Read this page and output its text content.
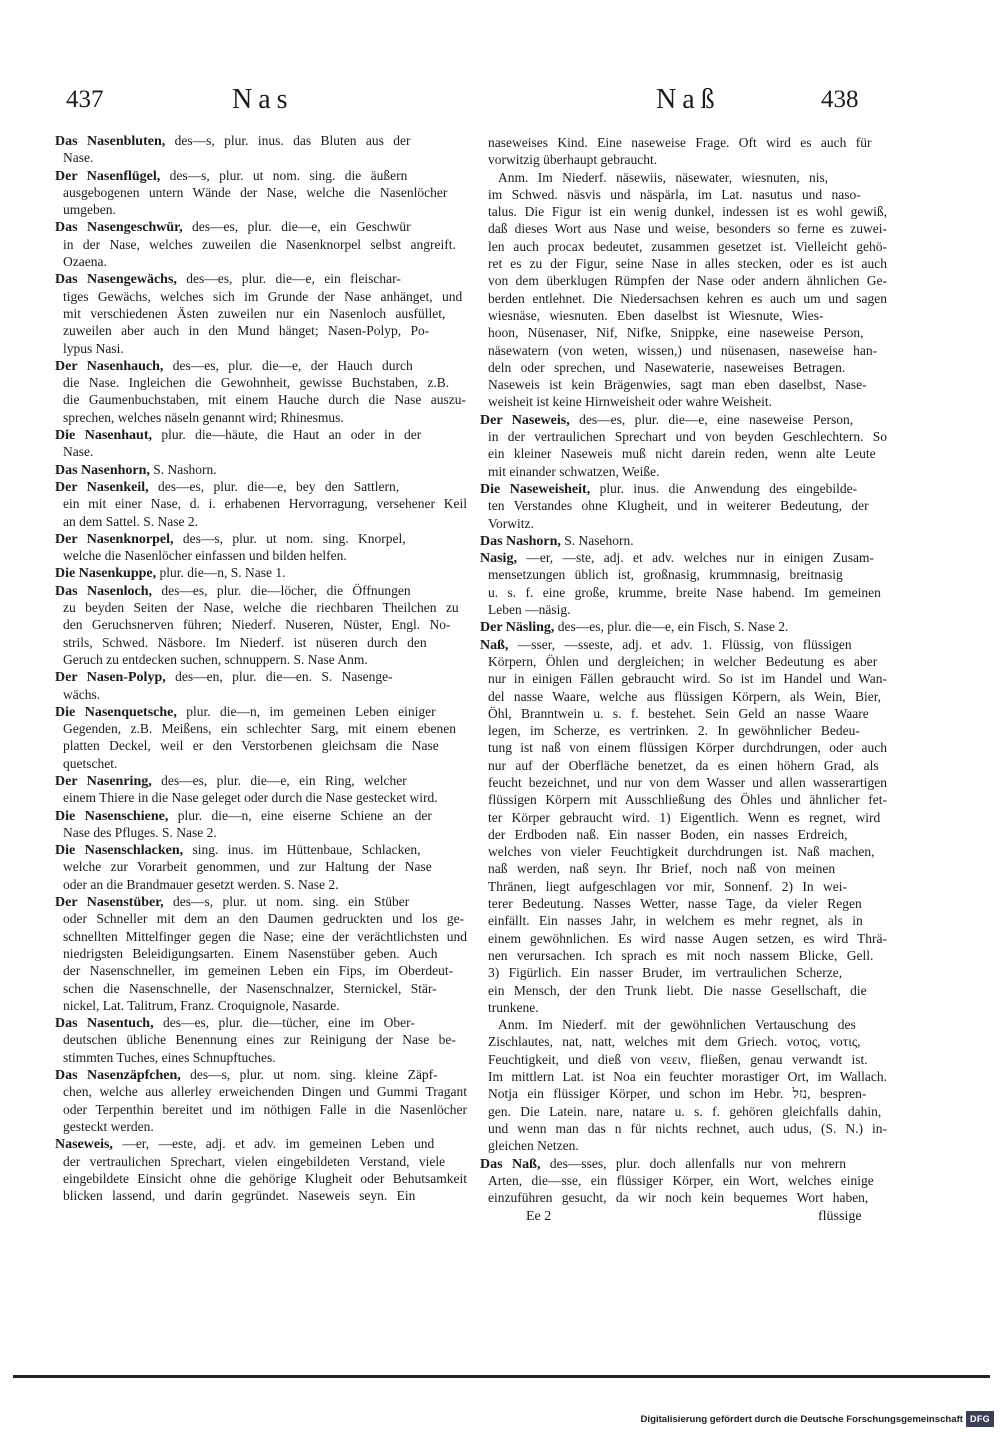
437	Nas	Naß	438
Das Nasenbluten, des—s, plur. inus. das Bluten aus der
Nase.
Der Nasenflügel, des—s, plur. ut nom. sing. die äußern
ausgebogenen untern Wände der Nase, welche die Nasenlöcher
umgeben.
Das Nasengeschwür, des—es, plur. die—e, ein Geschwür
in der Nase, welches zuweilen die Nasenknorpel selbst angreift.
Ozaena.
Das Nasengewächs, des—es, plur. die—e, ein fleischar-
tiges Gewächs, welches sich im Grunde der Nase anhänget, und
mit verschiedenen Ästen zuweilen nur ein Nasenloch ausfüllet,
zuweilen aber auch in den Mund hänget; Nasen-Polyp, Po-
lypus Nasi.
Der Nasenhauch, des—es, plur. die—e, der Hauch durch
die Nase. Ingleichen die Gewohnheit, gewisse Buchstaben, z.B.
die Gaumenbuchstaben, mit einem Hauche durch die Nase auszu-
sprechen, welches näseln genannt wird; Rhinesmus.
Die Nasenhaut, plur. die—häute, die Haut an oder in der
Nase.
Das Nasenhorn, S. Nashorn.
Der Nasenkeil, des—es, plur. die—e, bey den Sattlern,
ein mit einer Nase, d. i. erhabenen Hervorragung, versehener Keil
an dem Sattel. S. Nase 2.
Der Nasenknorpel, des—s, plur. ut nom. sing. Knorpel,
welche die Nasenlöcher einfassen und bilden helfen.
Die Nasenkuppe, plur. die—n, S. Nase 1.
Das Nasenloch, des—es, plur. die—löcher, die Öffnungen
zu beyden Seiten der Nase, welche die riechbaren Theilchen zu
den Geruchsnerven führen; Niederf. Nuseren, Nüster, Engl. No-
strils, Schwed. Näsbore. Im Niederf. ist nüseren durch den
Geruch zu entdecken suchen, schnuppern. S. Nase Anm.
Der Nasen-Polyp, des—en, plur. die—en. S. Nasenge-
wächs.
Die Nasenquetsche, plur. die—n, im gemeinen Leben einiger
Gegenden, z.B. Meißens, ein schlechter Sarg, mit einem ebenen
platten Deckel, weil er den Verstorbenen gleichsam die Nase
quetschet.
Der Nasenring, des—es, plur. die—e, ein Ring, welcher
einem Thiere in die Nase geleget oder durch die Nase gestecket wird.
Die Nasenschiene, plur. die—n, eine eiserne Schiene an der
Nase des Pfluges. S. Nase 2.
Die Nasenschlacken, sing. inus. im Hüttenbaue, Schlacken,
welche zur Vorarbeit genommen, und zur Haltung der Nase
oder an die Brandmauer gesetzt werden. S. Nase 2.
Der Nasenstüber, des—s, plur. ut nom. sing. ein Stüber
oder Schneller mit dem an den Daumen gedruckten und los ge-
schnellten Mittelfinger gegen die Nase; eine der verächtlichsten und
niedrigsten Beleidigungsarten. Einem Nasenstüber geben. Auch
der Nasenschneller, im gemeinen Leben ein Fips, im Oberdeut-
schen die Nasenschnelle, der Nasenschnalzer, Sternickel, Stär-
nickel, Lat. Talitrum, Franz. Croquignole, Nasarde.
Das Nasentuch, des—es, plur. die—tücher, eine im Ober-
deutschen übliche Benennung eines zur Reinigung der Nase be-
stimmten Tuches, eines Schnupftuches.
Das Nasenzäpfchen, des—s, plur. ut nom. sing. kleine Zäpf-
chen, welche aus allerley erweichenden Dingen und Gummi Tragant
oder Terpenthin bereitet und im nöthigen Falle in die Nasenlöcher
gesteckt werden.
Naseweis, —er, —este, adj. et adv. im gemeinen Leben und
der vertraulichen Sprechart, vielen eingebildeten Verstand, viele
eingebildete Einsicht ohne die gehörige Klugheit oder Behutsamkeit
blicken lassend, und darin gegründet. Naseweis seyn. Ein
naseweises Kind. Eine naseweise Frage. Oft wird es auch für
vorwitzig überhaupt gebraucht.
Anm. Im Niederf. näsewiis, näsewater, wiesnuten, nis,
im Schwed. näsvis und näspärla, im Lat. nasutus und naso-
talus. Die Figur ist ein wenig dunkel, indessen ist es wohl gewiß,
daß dieses Wort aus Nase und weise, besonders so ferne es zuwei-
len auch procax bedeutet, zusammen gesetzet ist. Vielleicht gehö-
ret es zu der Figur, seine Nase in alles stecken, oder es ist auch
von dem überklugen Rümpfen der Nase oder andern ähnlichen Ge-
berden entlehnet. Die Niedersachsen kehren es auch um und sagen
wiesnäse, wiesnuten. Eben daselbst ist Wiesnute, Wies-
hoon, Nüsenaser, Nif, Nifke, Snippke, eine naseweise Person,
näsewatern (von weten, wissen,) und nüsenasen, naseweise han-
deln oder sprechen, und Nasewaterie, naseweises Betragen.
Naseweis ist kein Brägenwies, sagt man eben daselbst, Nase-
weisheit ist keine Hirnweisheit oder wahre Weisheit.
Der Naseweis, des—es, plur. die—e, eine naseweise Person,
in der vertraulichen Sprechart und von beyden Geschlechtern. So
ein kleiner Naseweis muß nicht darein reden, wenn alte Leute
mit einander schwatzen, Weiße.
Die Naseweisheit, plur. inus. die Anwendung des eingebilde-
ten Verstandes ohne Klugheit, und in weiterer Bedeutung, der
Vorwitz.
Das Nashorn, S. Nasehorn.
Nasig, —er, —ste, adj. et adv. welches nur in einigen Zusam-
mensetzungen üblich ist, großnasig, krummnasig, breitnasig
u. s. f. eine große, krumme, breite Nase habend. Im gemeinen
Leben —näsig.
Der Näsling, des—es, plur. die—e, ein Fisch, S. Nase 2.
Naß, —sser, —sseste, adj. et adv. 1. Flüssig, von flüssigen
Körpern, Öhlen und dergleichen; in welcher Bedeutung es aber
nur in einigen Fällen gebraucht wird. So ist im Handel und Wan-
del nasse Waare, welche aus flüssigen Körpern, als Wein, Bier,
Öhl, Branntwein u. s. f. bestehet. Sein Geld an nasse Waare
legen, im Scherze, es vertrinken. 2. In gewöhnlicher Bedeu-
tung ist naß von einem flüssigen Körper durchdrungen, oder auch
nur auf der Oberfläche benetzet, da es einen höhern Grad, als
feucht bezeichnet, und nur von dem Wasser und allen wasserartigen
flüssigen Körpern mit Ausschließung des Öhles und ähnlicher fet-
ter Körper gebraucht wird. 1) Eigentlich. Wenn es regnet, wird
der Erdboden naß. Ein nasser Boden, ein nasses Erdreich,
welches von vieler Feuchtigkeit durchdrungen ist. Naß machen,
naß werden, naß seyn. Ihr Brief, noch naß von meinen
Thränen, liegt aufgeschlagen vor mir, Sonnenf. 2) In wei-
terer Bedeutung. Nasses Wetter, nasse Tage, da vieler Regen
einfällt. Ein nasses Jahr, in welchem es mehr regnet, als in
einem gewöhnlichen. Es wird nasse Augen setzen, es wird Thrä-
nen verursachen. Ich sprach es mit noch nassem Blicke, Gell.
3) Figürlich. Ein nasser Bruder, im vertraulichen Scherze,
ein Mensch, der den Trunk liebt. Die nasse Gesellschaft, die
trunkene.
Anm. Im Niederf. mit der gewöhnlichen Vertauschung des
Zischlautes, nat, natt, welches mit dem Griech. νοτος, νοτις,
Feuchtigkeit, und dieß von νεειν, fließen, genau verwandt ist.
Im mittlern Lat. ist Noa ein feuchter morastiger Ort, im Wallach.
Notja ein flüssiger Körper, und schon im Hebr. נזל, bespren-
gen. Die Latein. nare, natare u. s. f. gehören gleichfalls dahin,
und wenn man das n für nichts rechnet, auch udus, (S. N.) in-
gleichen Netzen.
Das Naß, des—sses, plur. doch allenfalls nur von mehrern
Arten, die—sse, ein flüssiger Körper, ein Wort, welches einige
einzuführen gesucht, da wir noch kein bequemes Wort haben,
Ee 2	flüssige
Digitalisierung gefördert durch die Deutsche Forschungsgemeinschaft DFG
